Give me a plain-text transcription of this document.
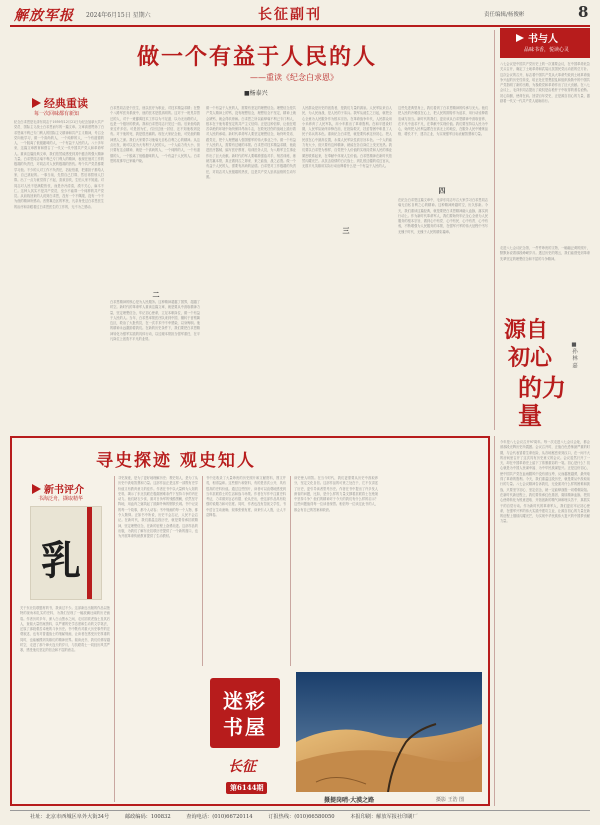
解放军报 2024年6月15日 星期六	长征副刊	责任编辑/杨俊彬	8
做一个有益于人民的人
——重读《纪念白求恩》
■杨泰兴
经典重读
每一次回味都有新知
纪念白求恩是毛泽东同志于1939年12月21日为纪念加拿大共产党员、国际主义战士白求恩而写的一篇文章。文章高度赞扬了白求恩毫不利己专门利人的国际主义精神和共产主义精神，号召全党向他学习，做一个高尚的人，一个纯粹的人，一个有道德的人，一个脱离了低级趣味的人，一个有益于人民的人。八十多年来，这篇文章教育和感召了一代又一代中国共产党人和革命军人。重读这篇经典文章，我们依然能感受到其中蕴含的强大精神力量。白求恩同志毫不利己专门利人的精神，表现在他对工作的极端的负责任，对同志对人民的极端的热忱。每个共产党员都要学习他。不少的人对工作不负责任，拈轻怕重，把重担子推给人家，自己挑轻的。一事当前，先替自己打算，然后再替别人打算。出了一点力就觉得了不起，喜欢自吹，生怕人家不知道。对同志对人民不是满腔热忱，而是冷冷清清，漠不关心，麻木不仁。这种人其实不是共产党员，至少不能算一个纯粹的共产党员。从前线回来的人说到白求恩，没有一个不佩服，没有一个不为他的精神所感动。晋察冀边区的军民，凡亲身受过白求恩医生的治疗和亲眼看过白求恩医生的工作的，无不为之感动。
白求恩同志是个医生，他以医疗为职业，对技术精益求精；在整个八路军医务系统中，他的医术是很高明的。这对于一班见异思迁的人，对于一班鄙薄技术工作以为不足道、以为无出路的人，也是一个极好的教训。我和白求恩同志只见过一面。后来他给我来过许多信。可是因为忙，仅回过他一封信，还不知他收到没有。对于他的死，我是很悲痛的。现在大家纪念他，可见他的精神感人之深。我们大家要学习他毫无自私自利之心的精神。从这点出发，就可以变为大有利于人民的人。一个人能力有大小，但只要有这点精神，就是一个高尚的人，一个纯粹的人，一个有道德的人，一个脱离了低级趣味的人，一个有益于人民的人。白求恩的故事早已家喻户晓。
二
白求恩精神的核心是为人民服务。这种精神超越了国界，超越了时空。新时代的革命军人重读这篇文章，就是要从中汲取精神力量，坚定理想信念，牢记初心使命，立足本职岗位，做一个有益于人民的人。当年，白求恩率领医疗队来到中国，辗转于晋察冀边区，救治了大批伤员，在一次手术中不幸感染，以身殉职。他的精神永远激励着我们。在新的历史条件下，我们要把白求恩精神转化为强军实践的具体行动，以过硬本领担当强军重任，在平凡岗位上创造不平凡的业绩。
做一个有益于人民的人，需要有坚定的理想信念。理想信念是共产党人精神上的钙，没有理想信念，理想信念不坚定，精神上就会缺钙，就会得软骨病。白求恩之所以能够毫不利己专门利人，根本在于他有着坚定的共产主义信仰。正是这种信仰，让他在艰苦卓绝的环境中始终保持昂扬斗志，在救死扶伤的战地上践行着对人民的承诺。新时代革命军人要坚定理想信念，始终听党话、跟党走，把个人理想融入强国强军的伟大事业之中。做一个有益于人民的人，需要有过硬的本领。白求恩对技术精益求精，他改进医疗器械，编写医疗教材，培训医务人员，为八路军卫生事业作出了巨大贡献。新时代的军人要瞄准强敌对手，刻苦训练，练就打赢本领，真正做到召之即来、来之能战、战之必胜。做一个有益于人民的人，需要有高尚的品德。白求恩对工作极端的负责任，对同志对人民极端的热忱，这是共产党人崇高品格的生动写照。
三
人民群众是历史的创造者，是我们力量的源泉。人民军队来自人民，为人民而战，是人民的子弟兵。我军从诞生之日起，就把全心全意为人民服务作为根本宗旨。在革命战争年代，人民群众用小米养育了人民军队，用小车推出了革命胜利。在和平建设时期，人民军队始终冲锋在前，在抢险救灾、扶贫帮困中彰显了人民子弟兵的本色。重读纪念白求恩，就是要传承这份初心，把人民放在心中最高位置，永葆人民军队性质宗旨本色。一个人的能力有大小，但只要有这种精神，就能在各自岗位上发光发热。我们要以白求恩为榜样，自觉把个人价值的实现同党和人民的事业紧密联系起来，在奉献中体现人生价值。白求恩精神在新时代依然闪耀光芒。从抗击疫情的白衣战士，到扎根边疆的戍边官兵，无数平凡英雄用实际行动诠释着什么是一个有益于人民的人。
这些先进典型身上，我们看到了白求恩精神的传承与光大。他们把人民的冷暖放在心上，把人民的期待作为追求，用行动诠释着忠诚与担当。新时代的我们，更应该从白求恩精神中汲取营养，在平凡中追求不凡，在奉献中实现价值。我们要坚持以人民为中心，始终把人民利益摆在至高无上的地位，在服务人民中锤炼品格、增长才干、建功立业，为实现强军目标贡献智慧和力量。
四
在纪念白求恩这篇文章中，毛泽东同志号召大家学习白求恩同志毫无自私自利之心的精神。这种精神跨越时空，历久弥新。今天，我们重读这篇经典，就是要把白求恩精神融入血脉，落实到行动上。作为新时代革命军人，我们要始终牢记全心全意为人民服务的根本宗旨，做到心中有党、心中有民、心中有责、心中有戒，不断增强为人民服务的本领，在强军兴军的伟大征程中书写无愧于时代、无愧于人民的精彩篇章。
书与人
品味书香，悦读心灵
八七会议是中国共产党历史上的一次重要会议，在中国革命危急关头召开，确定了土地革命和武装反抗国民党反动派的总方针。这次会议的召开，标志着中国共产党从大革命失败到土地革命战争兴起的历史性转变，给正处在思想混乱和组织涣散中的中国共产党指明了新的出路，为挽救党和革命作出了巨大贡献。在八七会议上，毛泽东同志提出了政权是由枪杆子中取得的著名论断。初心如磐，使命在肩。回望百年党史，正是源自初心的力量，激励着一代又一代共产党人砥砺前行。
走进八七会议纪念馆，一件件珍贵的文物，一幅幅泛黄的照片，默默诉说着那段峥嵘岁月。透过历史的烟云，我们能感受到革命先辈坚定的理想信念和不屈的斗争精神。
源自
初心
的力量
■孙 林 嘉
今年是八七会议召开97周年。每一次走进八七会议会址，都会被那段光辉历史所震撼。会议召开时，正值白色恐怖最严重的时期，与会代表冒着生命危险，从各地秘密来到汉口，在一间不大的房间里召开了这次具有历史意义的会议。会议虽然只开了一天，却在中国革命史上留下了浓墨重彩的一笔。初心是什么？初心就是为中国人民谋幸福、为中华民族谋复兴。正是这份初心，使中国共产党在血雨腥风中没有被压垮，反而越挫越勇，最终取得了革命的胜利。今天，我们重温这段历史，就是要从中汲取前行的力量。八七会议精神告诉我们，无论面对什么样的困难和挑战，只要坚守初心、坚定信念，就一定能够战胜一切艰难险阻。在新时代新征程上，我们要传承红色基因，赓续精神血脉，把初心使命转化为锐意进取、开拓创新的精气神和埋头苦干、真抓实干的自觉行动。作为新时代的革命军人，我们更应牢记初心使命，在强军兴军的伟大实践中建功立业，让源自初心的力量在新的征程上继续闪耀光芒，为实现中华民族伟大复兴的中国梦贡献力量。
寻史探迹 观史知人
新书评介
书海泛舟，撷取精华
乳
关于东北抗联题材的书，我读过不少。这部新近出版的作品以独特的视角和扎实的史料，为我们呈现了一幅波澜壮阔的历史画卷。作者历时多年，深入白山黑水之间，走访抗联老战士及其后人，查阅大量档案资料，以严谨的史学态度和生动的文学笔法，还原了那段艰苦卓绝的斗争历史。书中既有对重大历史事件的宏观叙述，也有对普通战士的细腻刻画，让读者在感受历史厚重的同时，也能触摸到英雄们的精神世界。阅读此书，我们仿佛穿越时空，走进了那个烽火连天的岁月，与抗联将士一同经历风雪严寒，感受他们坚定的信念和不屈的意志。
寻史探迹，是为了更好地理解历史；观史知人，是为了从历史中汲取智慧和力量。这部作品正是这样一部既有史学价值又有教育意义的佳作。作者在书中以大量鲜为人知的史料，揭示了东北抗联在极端困难条件下坚持斗争的内在动力。他们缺衣少食，面对日伪军的残酷围剿，依然坚守阵地，用血肉之躯筑起了抵御外侮的钢铁长城。书中记录的每一个故事，都令人动容；书中刻画的每一个人物，都令人敬仰。正如书中所说，历史不会忘记，人民不会忘记。在新时代，我们重温这段历史，就是要传承抗联精神，坚定理想信念，在新的征程上奋勇前进。这部作品的出版，为我们了解东北抗联历史提供了一个新的窗口，也为开展革命传统教育提供了生动教材。
书中还收录了大量珍贵的历史照片和文献资料，图文并茂，相得益彰。这些照片和资料，有的是首次公开，具有很高的史料价值。通过这些图片，读者可以直观地感受到当年抗联将士的生活和战斗场景。作者在写作中注重史料考证，力求做到言必有据、论从史出，使这部作品具有较强的说服力和可信度。同时，作者也没有忽视文学性，书中语言生动流畅，叙事张弛有度，读来引人入胜，让人不忍释卷。
读史使人明智。在当今时代，我们更需要从历史中汲取养分，坚定文化自信。这部作品的可贵之处在于，它不仅讲述了历史，更引导读者思考历史。作者在书中提出了许多发人深省的问题，比如，是什么样的力量支撑着抗联将士在绝境中坚持斗争？他们的精神对于今天的我们有什么样的启示？这些问题值得每一位读者深思。相信每一位读过此书的人，都会有自己的答案和收获。
迷彩书屋
长征
第6144期
摄提岗哨·大漠之路	摄影 王浩 图
社址：北京市西城区阜外大街34号	邮政编码：100832	查询电话：(010)66720114	订报热线：(010)66580050	本报印刷：解放军报社印刷厂
